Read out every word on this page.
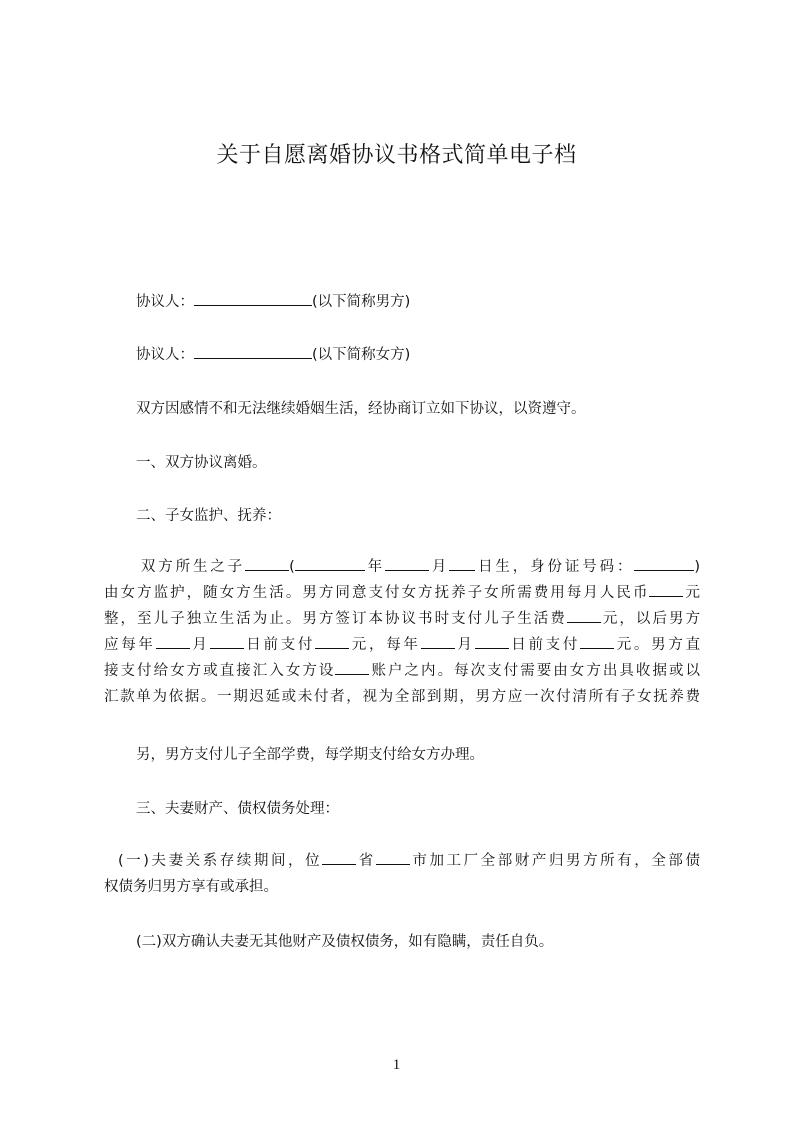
关于自愿离婚协议书格式简单电子档
协议人：	(以下简称男方)
协议人：	(以下简称女方)
双方因感情不和无法继续婚姻生活，经协商订立如下协议，以资遵守。
一、双方协议离婚。
二、子女监护、抚养：
双方所生之子	(	年	月 日生，身份证号码：	)
由女方监护，随女方生活。男方同意支付女方抚养子女所需费用每月人民币 元
整，至儿子独立生活为止。男方签订本协议书时支付儿子生活费 元，以后男方
应每年 月 日前支付 元，每年 月 日前支付 元。男方直
接支付给女方或直接汇入女方设 账户之内。每次支付需要由女方出具收据或以
汇款单为依据。一期迟延或未付者，视为全部到期，男方应一次付清所有子女抚养费
另，男方支付儿子全部学费，每学期支付给女方办理。
三、夫妻财产、债权债务处理：
(一)夫妻关系存续期间，位 省 市加工厂全部财产归男方所有，全部债
权债务归男方享有或承担。
(二)双方确认夫妻无其他财产及债权债务，如有隐瞒，责任自负。
1
